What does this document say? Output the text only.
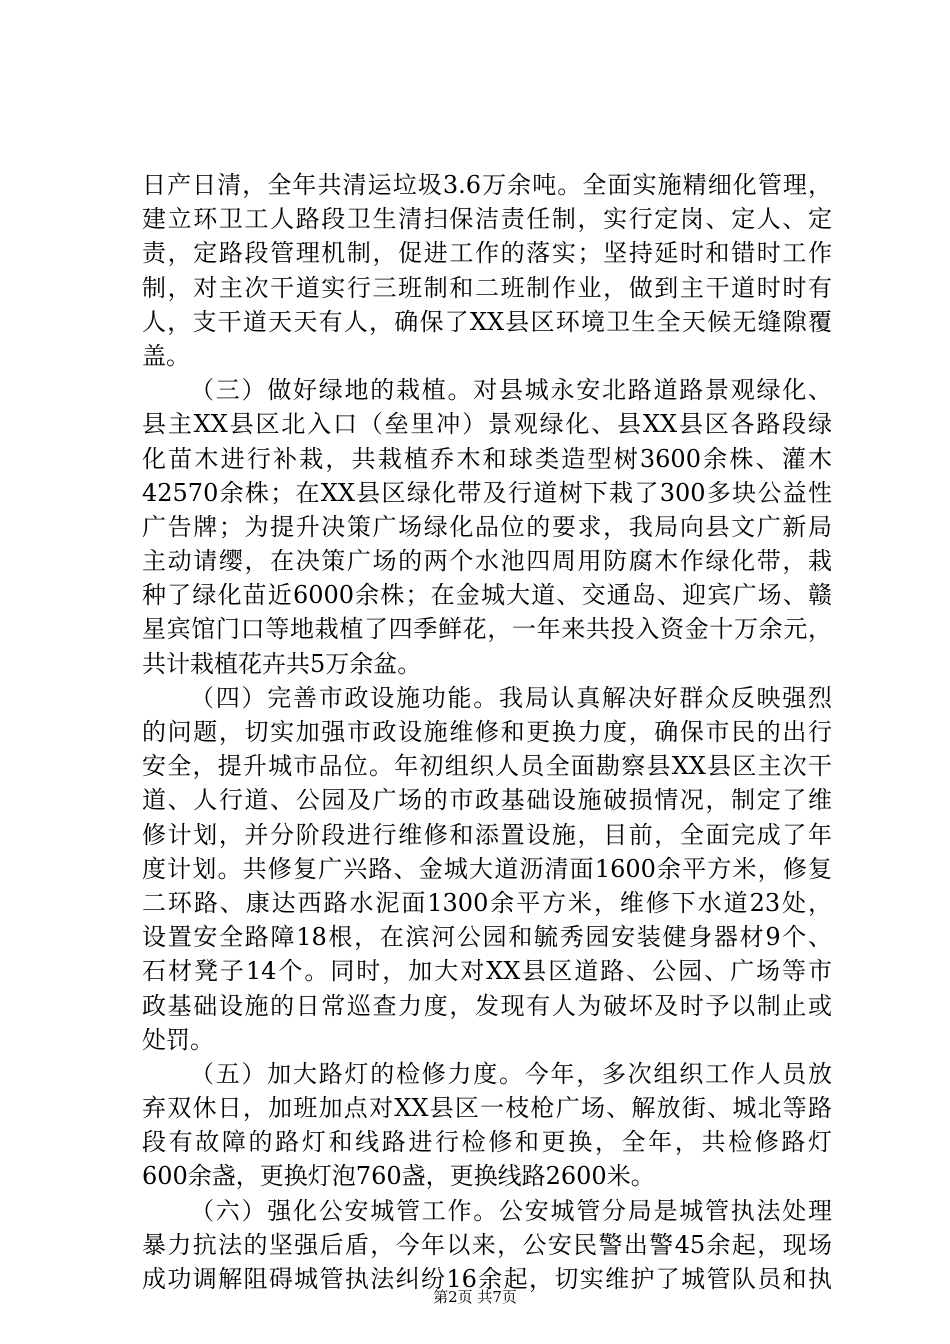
日产日清，全年共清运垃圾3.6万余吨。全面实施精细化管理，
建立环卫工人路段卫生清扫保洁责任制，实行定岗、定人、定
责，定路段管理机制，促进工作的落实；坚持延时和错时工作
制，对主次干道实行三班制和二班制作业，做到主干道时时有
人，支干道天天有人，确保了XX县区环境卫生全天候无缝隙覆
盖。
（三）做好绿地的栽植。对县城永安北路道路景观绿化、
县主XX县区北入口（垒里冲）景观绿化、县XX县区各路段绿
化苗木进行补栽，共栽植乔木和球类造型树3600余株、灌木
42570余株；在XX县区绿化带及行道树下栽了300多块公益性
广告牌；为提升决策广场绿化品位的要求，我局向县文广新局
主动请缨，在决策广场的两个水池四周用防腐木作绿化带，栽
种了绿化苗近6000余株；在金城大道、交通岛、迎宾广场、赣
星宾馆门口等地栽植了四季鲜花，一年来共投入资金十万余元，
共计栽植花卉共5万余盆。
（四）完善市政设施功能。我局认真解决好群众反映强烈
的问题，切实加强市政设施维修和更换力度，确保市民的出行
安全，提升城市品位。年初组织人员全面勘察县XX县区主次干
道、人行道、公园及广场的市政基础设施破损情况，制定了维
修计划，并分阶段进行维修和添置设施，目前，全面完成了年
度计划。共修复广兴路、金城大道沥清面1600余平方米，修复
二环路、康达西路水泥面1300余平方米，维修下水道23处，
设置安全路障18根，在滨河公园和毓秀园安装健身器材9个、
石材凳子14个。同时，加大对XX县区道路、公园、广场等市
政基础设施的日常巡查力度，发现有人为破坏及时予以制止或
处罚。
（五）加大路灯的检修力度。今年，多次组织工作人员放
弃双休日，加班加点对XX县区一枝枪广场、解放街、城北等路
段有故障的路灯和线路进行检修和更换，全年，共检修路灯
600余盏，更换灯泡760盏，更换线路2600米。
（六）强化公安城管工作。公安城管分局是城管执法处理
暴力抗法的坚强后盾，今年以来，公安民警出警45余起，现场
成功调解阻碍城管执法纠纷16余起，切实维护了城管队员和执
第2页 共7页
